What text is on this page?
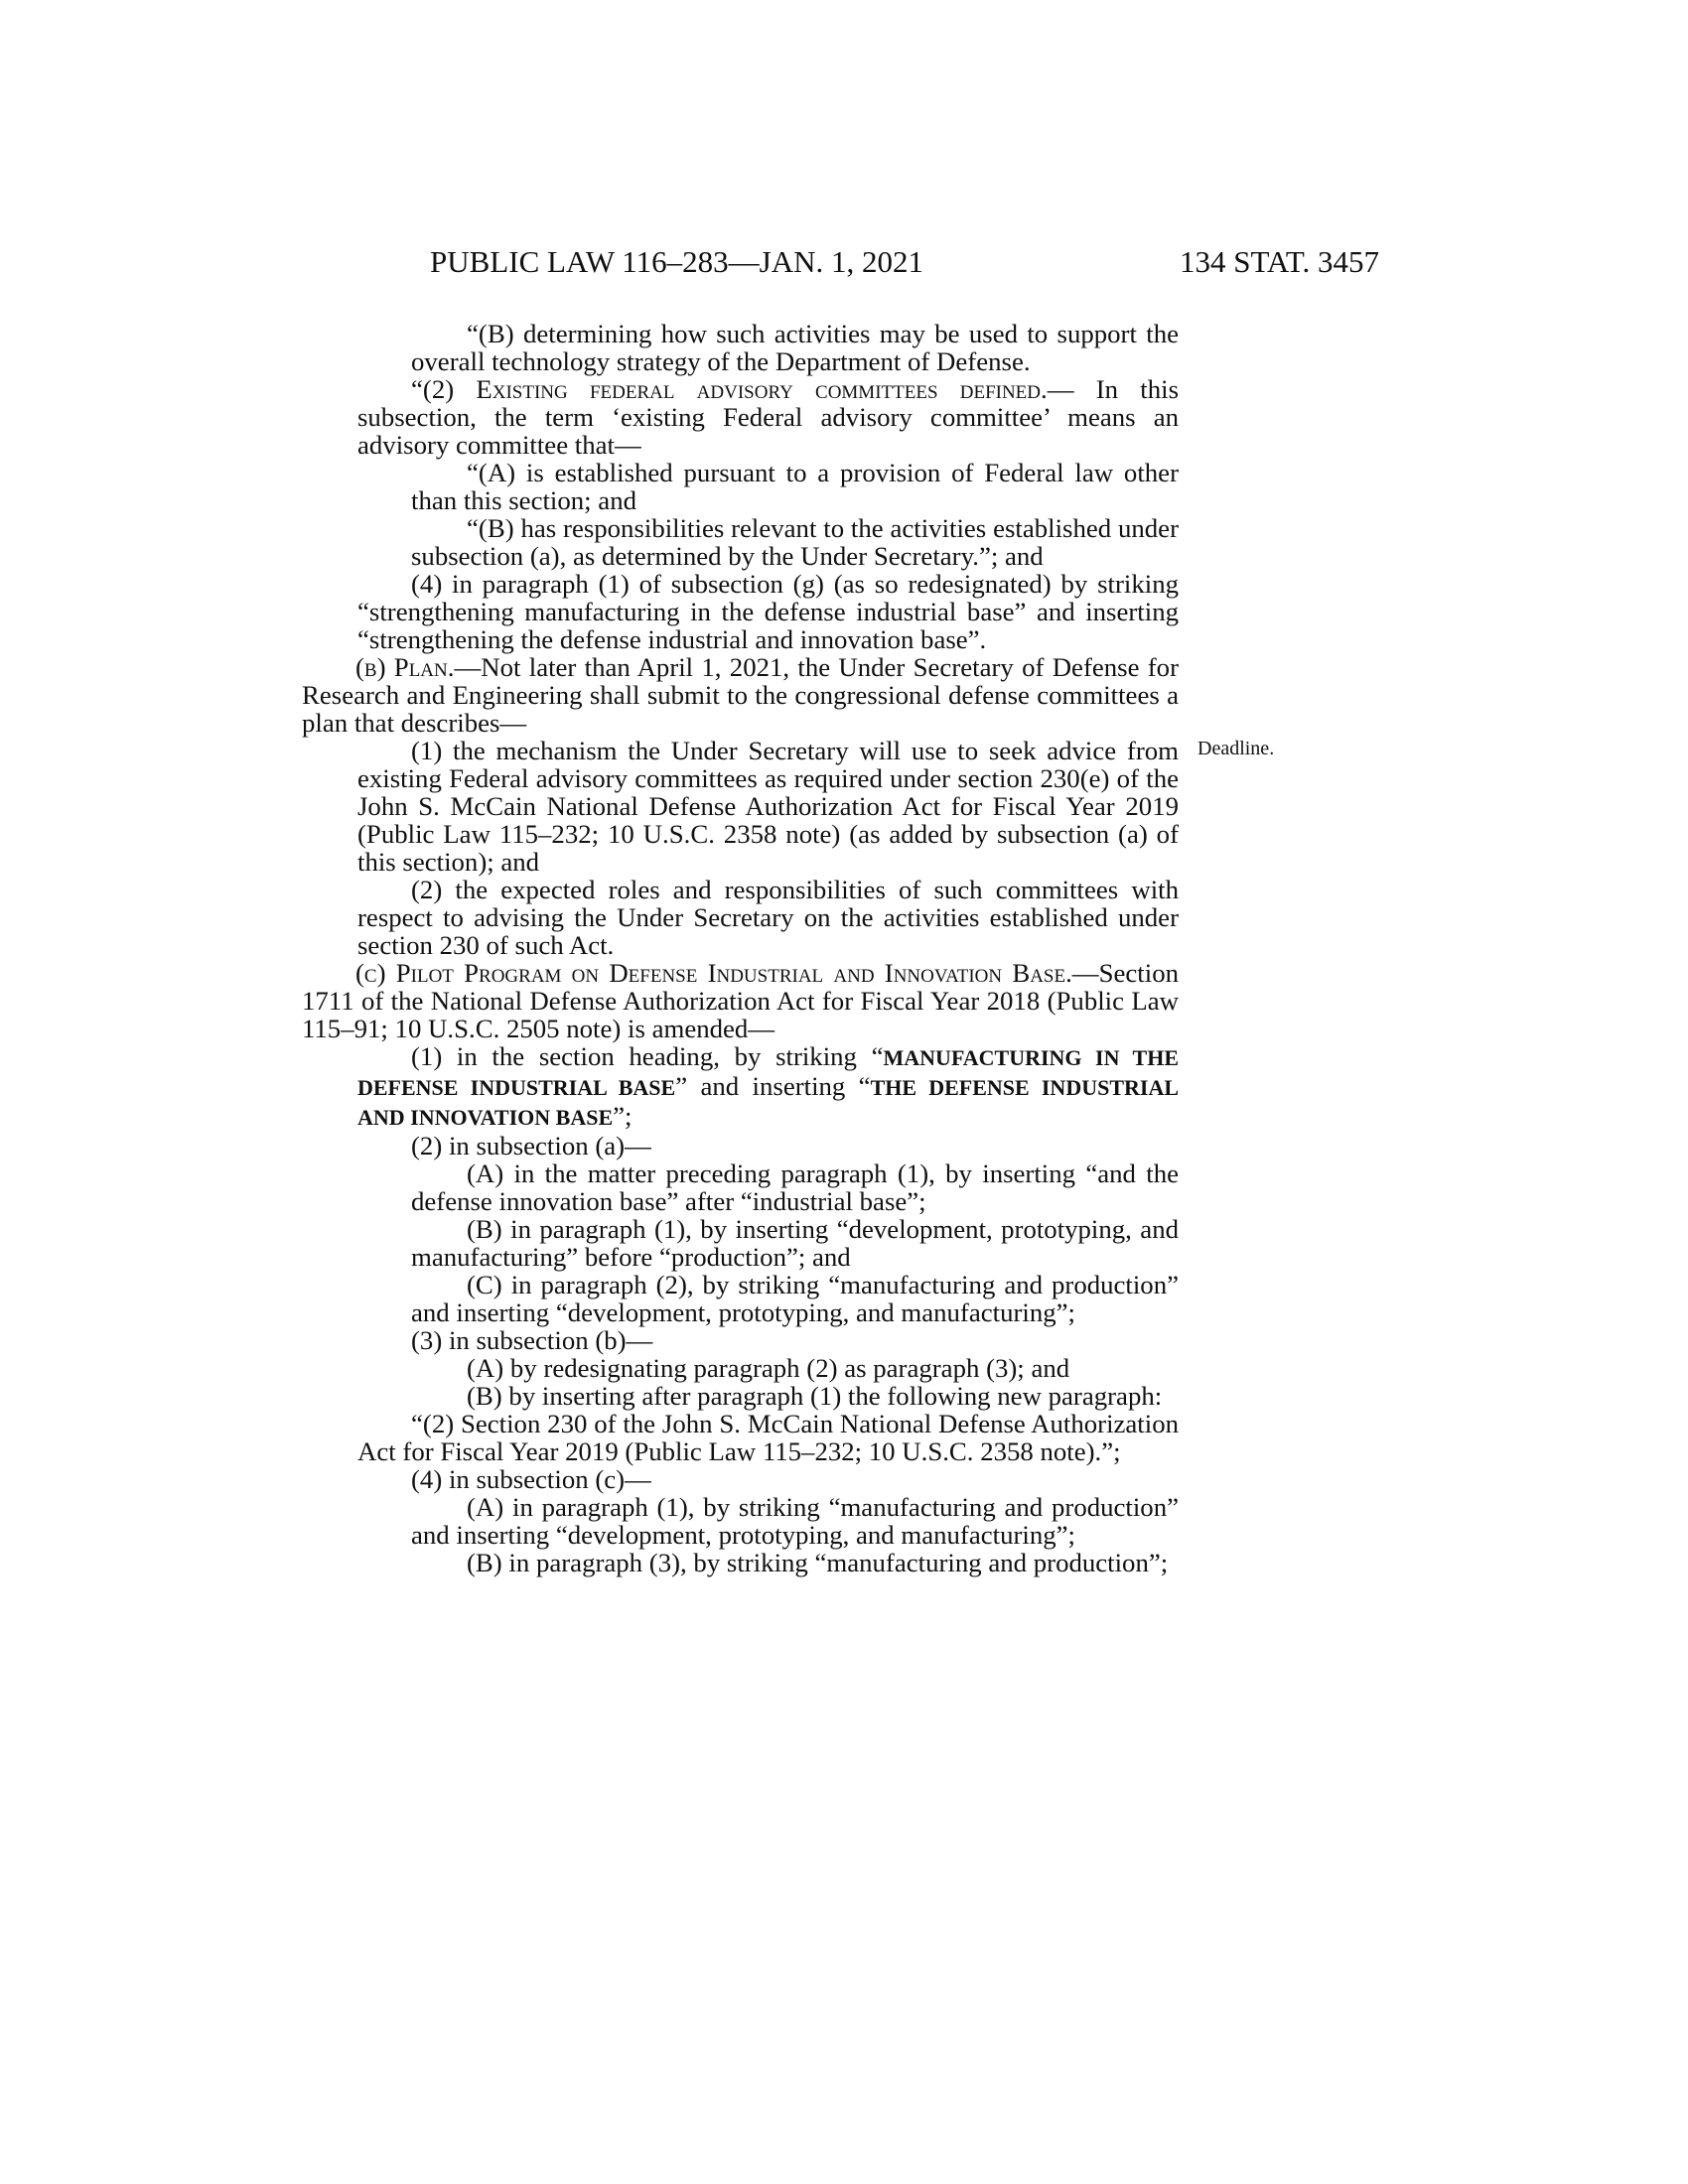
PUBLIC LAW 116–283—JAN. 1, 2021	134 STAT. 3457
Deadline.

“(B) determining how such activities may be used to support the overall technology strategy of the Department of Defense.

“(2) Existing federal advisory committees defined.— In this subsection, the term ‘existing Federal advisory committee’ means an advisory committee that—

“(A) is established pursuant to a provision of Federal law other than this section; and

“(B) has responsibilities relevant to the activities established under subsection (a), as determined by the Under Secretary.”; and

(4) in paragraph (1) of subsection (g) (as so redesignated) by striking “strengthening manufacturing in the defense industrial base” and inserting “strengthening the defense industrial and innovation base”.

(b) Plan.—Not later than April 1, 2021, the Under Secretary of Defense for Research and Engineering shall submit to the congressional defense committees a plan that describes—

(1) the mechanism the Under Secretary will use to seek advice from existing Federal advisory committees as required under section 230(e) of the John S. McCain National Defense Authorization Act for Fiscal Year 2019 (Public Law 115–232; 10 U.S.C. 2358 note) (as added by subsection (a) of this section); and

(2) the expected roles and responsibilities of such committees with respect to advising the Under Secretary on the activities established under section 230 of such Act.

(c) Pilot Program on Defense Industrial and Innovation Base.—Section 1711 of the National Defense Authorization Act for Fiscal Year 2018 (Public Law 115–91; 10 U.S.C. 2505 note) is amended—

(1) in the section heading, by striking “MANUFACTURING IN THE DEFENSE INDUSTRIAL BASE” and inserting “THE DEFENSE INDUSTRIAL AND INNOVATION BASE”;

(2) in subsection (a)—

(A) in the matter preceding paragraph (1), by inserting “and the defense innovation base” after “industrial base”;

(B) in paragraph (1), by inserting “development, prototyping, and manufacturing” before “production”; and

(C) in paragraph (2), by striking “manufacturing and production” and inserting “development, prototyping, and manufacturing”;

(3) in subsection (b)—

(A) by redesignating paragraph (2) as paragraph (3); and

(B) by inserting after paragraph (1) the following new paragraph:

“(2) Section 230 of the John S. McCain National Defense Authorization Act for Fiscal Year 2019 (Public Law 115–232; 10 U.S.C. 2358 note).”;

(4) in subsection (c)—

(A) in paragraph (1), by striking “manufacturing and production” and inserting “development, prototyping, and manufacturing”;

(B) in paragraph (3), by striking “manufacturing and production”;
